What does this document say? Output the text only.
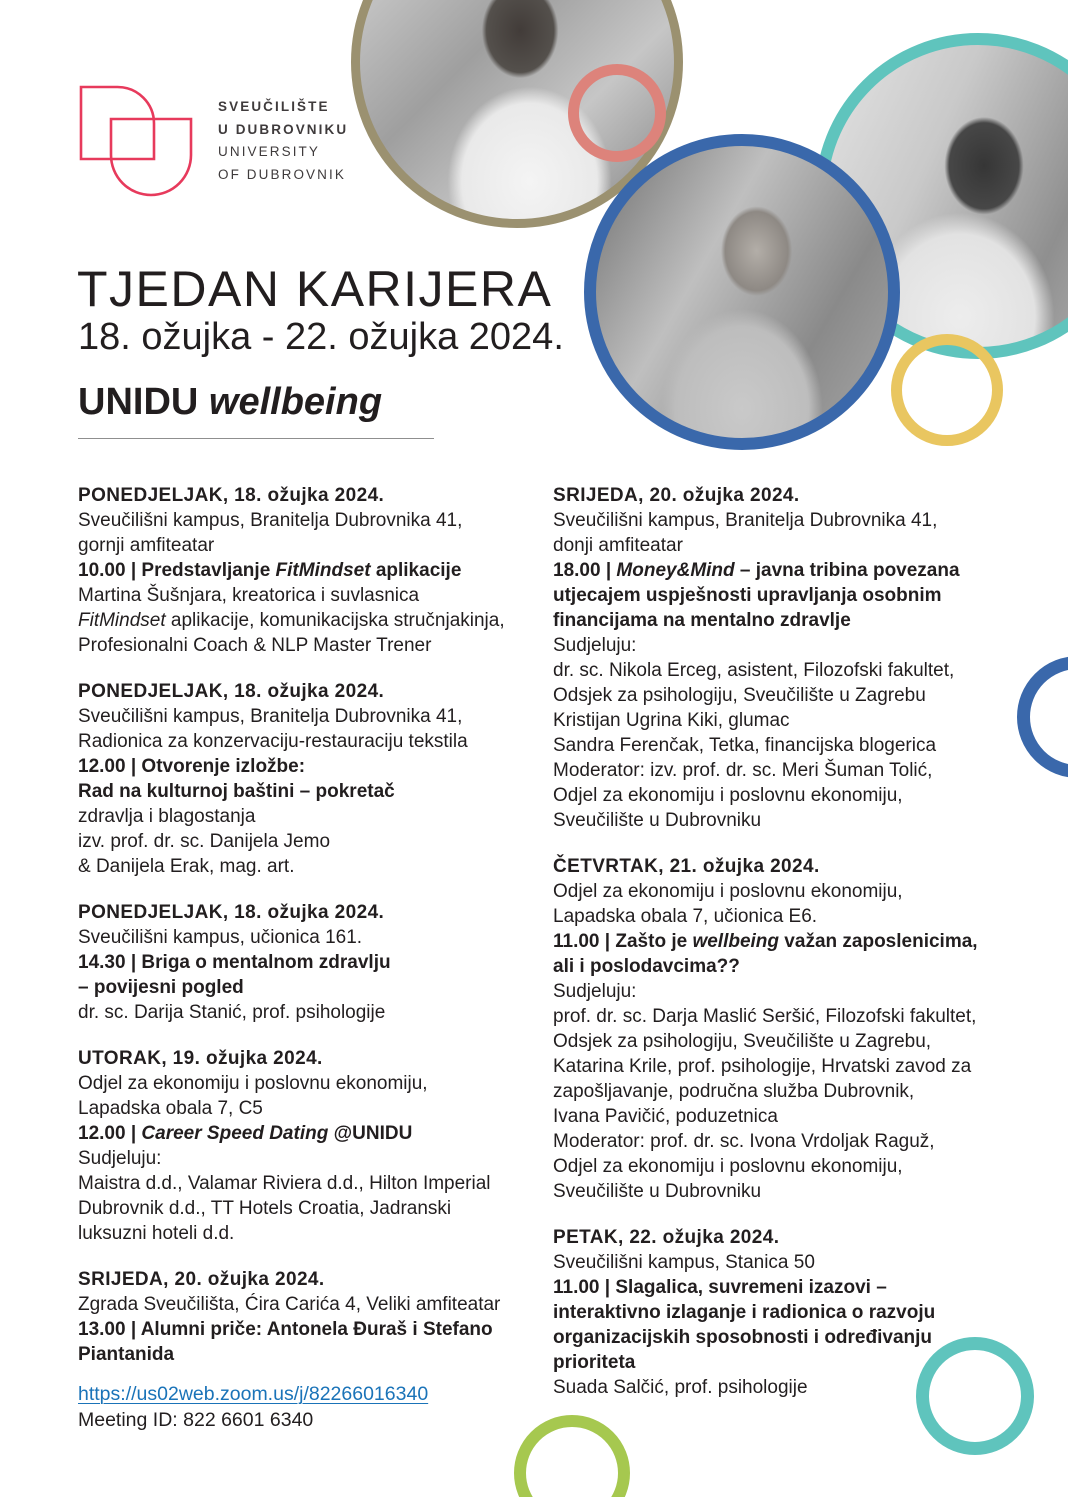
SVEUČILIŠTE
U DUBROVNIKU
UNIVERSITY
OF DUBROVNIK
TJEDAN KARIJERA
18. ožujka - 22. ožujka 2024.
UNIDU wellbeing
PONEDJELJAK, 18. ožujka 2024.
Sveučilišni kampus, Branitelja Dubrovnika 41,
gornji amfiteatar
10.00 | Predstavljanje FitMindset aplikacije
Martina Šušnjara, kreatorica i suvlasnica
FitMindset aplikacije, komunikacijska stručnjakinja,
Profesionalni Coach & NLP Master Trener
PONEDJELJAK, 18. ožujka 2024.
Sveučilišni kampus, Branitelja Dubrovnika 41,
Radionica za konzervaciju-restauraciju tekstila
12.00 | Otvorenje izložbe:
Rad na kulturnoj baštini – pokretač
zdravlja i blagostanja
izv. prof. dr. sc. Danijela Jemo
& Danijela Erak, mag. art.
PONEDJELJAK, 18. ožujka 2024.
Sveučilišni kampus, učionica 161.
14.30 | Briga o mentalnom zdravlju
– povijesni pogled
dr. sc. Darija Stanić, prof. psihologije
UTORAK, 19. ožujka 2024.
Odjel za ekonomiju i poslovnu ekonomiju,
Lapadska obala 7, C5
12.00 | Career Speed Dating @UNIDU
Sudjeluju:
Maistra d.d., Valamar Riviera d.d., Hilton Imperial
Dubrovnik d.d., TT Hotels Croatia, Jadranski
luksuzni hoteli d.d.
SRIJEDA, 20. ožujka 2024.
Zgrada Sveučilišta, Ćira Carića 4, Veliki amfiteatar
13.00 | Alumni priče: Antonela Đuraš i Stefano
Piantanida
SRIJEDA, 20. ožujka 2024.
Sveučilišni kampus, Branitelja Dubrovnika 41,
donji amfiteatar
18.00 | Money&Mind – javna tribina povezana
utjecajem uspješnosti upravljanja osobnim
financijama na mentalno zdravlje
Sudjeluju:
dr. sc. Nikola Erceg, asistent, Filozofski fakultet,
Odsjek za psihologiju, Sveučilište u Zagrebu
Kristijan Ugrina Kiki, glumac
Sandra Ferenčak, Tetka, financijska blogerica
Moderator: izv. prof. dr. sc. Meri Šuman Tolić,
Odjel za ekonomiju i poslovnu ekonomiju,
Sveučilište u Dubrovniku
ČETVRTAK, 21. ožujka 2024.
Odjel za ekonomiju i poslovnu ekonomiju,
Lapadska obala 7, učionica E6.
11.00 | Zašto je wellbeing važan zaposlenicima,
ali i poslodavcima??
Sudjeluju:
prof. dr. sc. Darja Maslić Seršić, Filozofski fakultet,
Odsjek za psihologiju, Sveučilište u Zagrebu,
Katarina Krile, prof. psihologije, Hrvatski zavod za
zapošljavanje, područna služba Dubrovnik,
Ivana Pavičić, poduzetnica
Moderator: prof. dr. sc. Ivona Vrdoljak Raguž,
Odjel za ekonomiju i poslovnu ekonomiju,
Sveučilište u Dubrovniku
PETAK, 22. ožujka 2024.
Sveučilišni kampus, Stanica 50
11.00 | Slagalica, suvremeni izazovi –
interaktivno izlaganje i radionica o razvoju
organizacijskih sposobnosti i određivanju
prioriteta
Suada Salčić, prof. psihologije
https://us02web.zoom.us/j/82266016340
Meeting ID: 822 6601 6340
